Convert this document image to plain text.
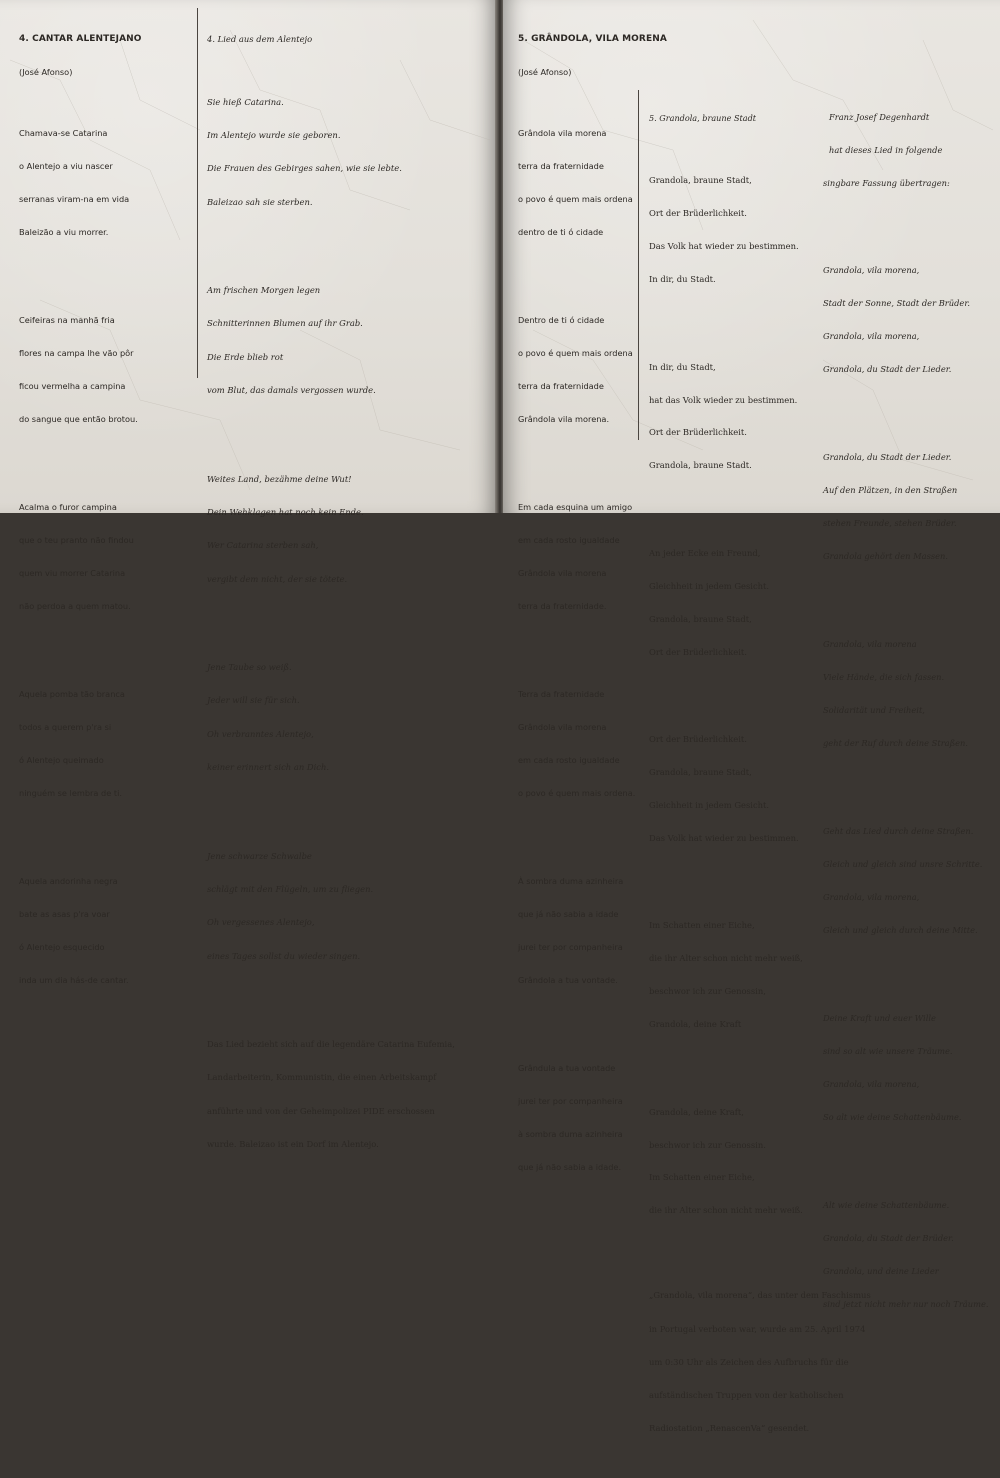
4. CANTAR ALENTEJANO

(José Afonso)

Chamava-se Catarina

o Alentejo a viu nascer

serranas viram-na em vida

Baleizão a viu morrer.

Ceifeiras na manhã fria

flores na campa lhe vão pôr

ficou vermelha a campina

do sangue que então brotou.

Acalma o furor campina

que o teu pranto não findou

quem viu morrer Catarina

não perdoa a quem matou.

Aquela pomba tão branca

todos a querem p'ra si

ó Alentejo queimado

ninguém se lembra de ti.

Aquela andorinha negra

bate as asas p'ra voar

ó Alentejo esquecido

inda um dia hás-de cantar.

4. Lied aus dem Alentejo

Sie hieß Catarina.

Im Alentejo wurde sie geboren.

Die Frauen des Gebirges sahen, wie sie lebte.

Baleizao sah sie sterben.

Am frischen Morgen legen

Schnitterinnen Blumen auf ihr Grab.

Die Erde blieb rot

vom Blut, das damals vergossen wurde.

Weites Land, bezähme deine Wut!

Dein Wehklagen hat noch kein Ende.

Wer Catarina sterben sah,

vergibt dem nicht, der sie tötete.

Jene Taube so weiß.

Jeder will sie für sich.

Oh verbranntes Alentejo,

keiner erinnert sich an Dich.

Jene schwarze Schwalbe

schlägt mit den Flügeln, um zu fliegen.

Oh vergessenes Alentejo,

eines Tages sollst du wieder singen.

Das Lied bezieht sich auf die legendäre Catarina Eufemia,

Landarbeiterin, Kommunistin, die einen Arbeitskampf

anführte und von der Geheimpolizei PIDE erschossen

wurde. Baleizao ist ein Dorf im Alentejo.

5. GRÂNDOLA, VILA MORENA

(José Afonso)

Grândola vila morena

terra da fraternidade

o povo é quem mais ordena

dentro de ti ó cidade

Dentro de ti ó cidade

o povo é quem mais ordena

terra da fraternidade

Grândola vila morena.

Em cada esquina um amigo

em cada rosto igualdade

Grândola vila morena

terra da fraternidade.

Terra da fraternidade

Grândola vila morena

em cada rosto igualdade

o povo é quem mais ordena.

À sombra duma azinheira

que já não sabia a idade

jurei ter por companheira

Grândola a tua vontade.

Grândula a tua vontade

jurei ter por companheira

à sombra duma azinheira

que já não sabia a idade.

5. Grandola, braune Stadt

Grandola, braune Stadt,

Ort der Brüderlichkeit.

Das Volk hat wieder zu bestimmen.

In dir, du Stadt.

In dir, du Stadt,

hat das Volk wieder zu bestimmen.

Ort der Brüderlichkeit.

Grandola, braune Stadt.

An jeder Ecke ein Freund,

Gleichheit in jedem Gesicht.

Grandola, braune Stadt,

Ort der Brüderlichkeit.

Ort der Brüderlichkeit.

Grandola, braune Stadt,

Gleichheit in jedem Gesicht.

Das Volk hat wieder zu bestimmen.

Im Schatten einer Eiche,

die ihr Alter schon nicht mehr weiß,

beschwor ich zur Genossin,

Grandola, deine Kraft

Grandola, deine Kraft,

beschwor ich zur Genossin.

Im Schatten einer Eiche,

die ihr Alter schon nicht mehr weiß.

„Grandola, vila morena“, das unter dem Faschismus

in Portugal verboten war, wurde am 25. April 1974

um 0:30 Uhr als Zeichen des Aufbruchs für die

aufständischen Truppen von der katholischen

Radiostation „RenascenVa“ gesendet.

Franz Josef Degenhardt

hat dieses Lied in folgende

singbare Fassung übertragen:

Grandola, vila morena,

Stadt der Sonne, Stadt der Brüder.

Grandola, vila morena,

Grandola, du Stadt der Lieder.

Grandola, du Stadt der Lieder.

Auf den Plätzen, in den Straßen

stehen Freunde, stehen Brüder.

Grandola gehört den Massen.

Grandola, vila morena

Viele Hände, die sich fassen.

Solidarität und Freiheit,

geht der Ruf durch deine Straßen.

Geht das Lied durch deine Straßen.

Gleich und gleich sind unsre Schritte.

Grandola, vila morena,

Gleich und gleich durch deine Mitte.

Deine Kraft und euer Wille

sind so alt wie unsere Träume.

Grandola, vila morena,

So alt wie deine Schattenbäume.

Alt wie deine Schattenbäume.

Grandola, du Stadt der Brüder.

Grandola, und deine Lieder

sind jetzt nicht mehr nur noch Träume.
